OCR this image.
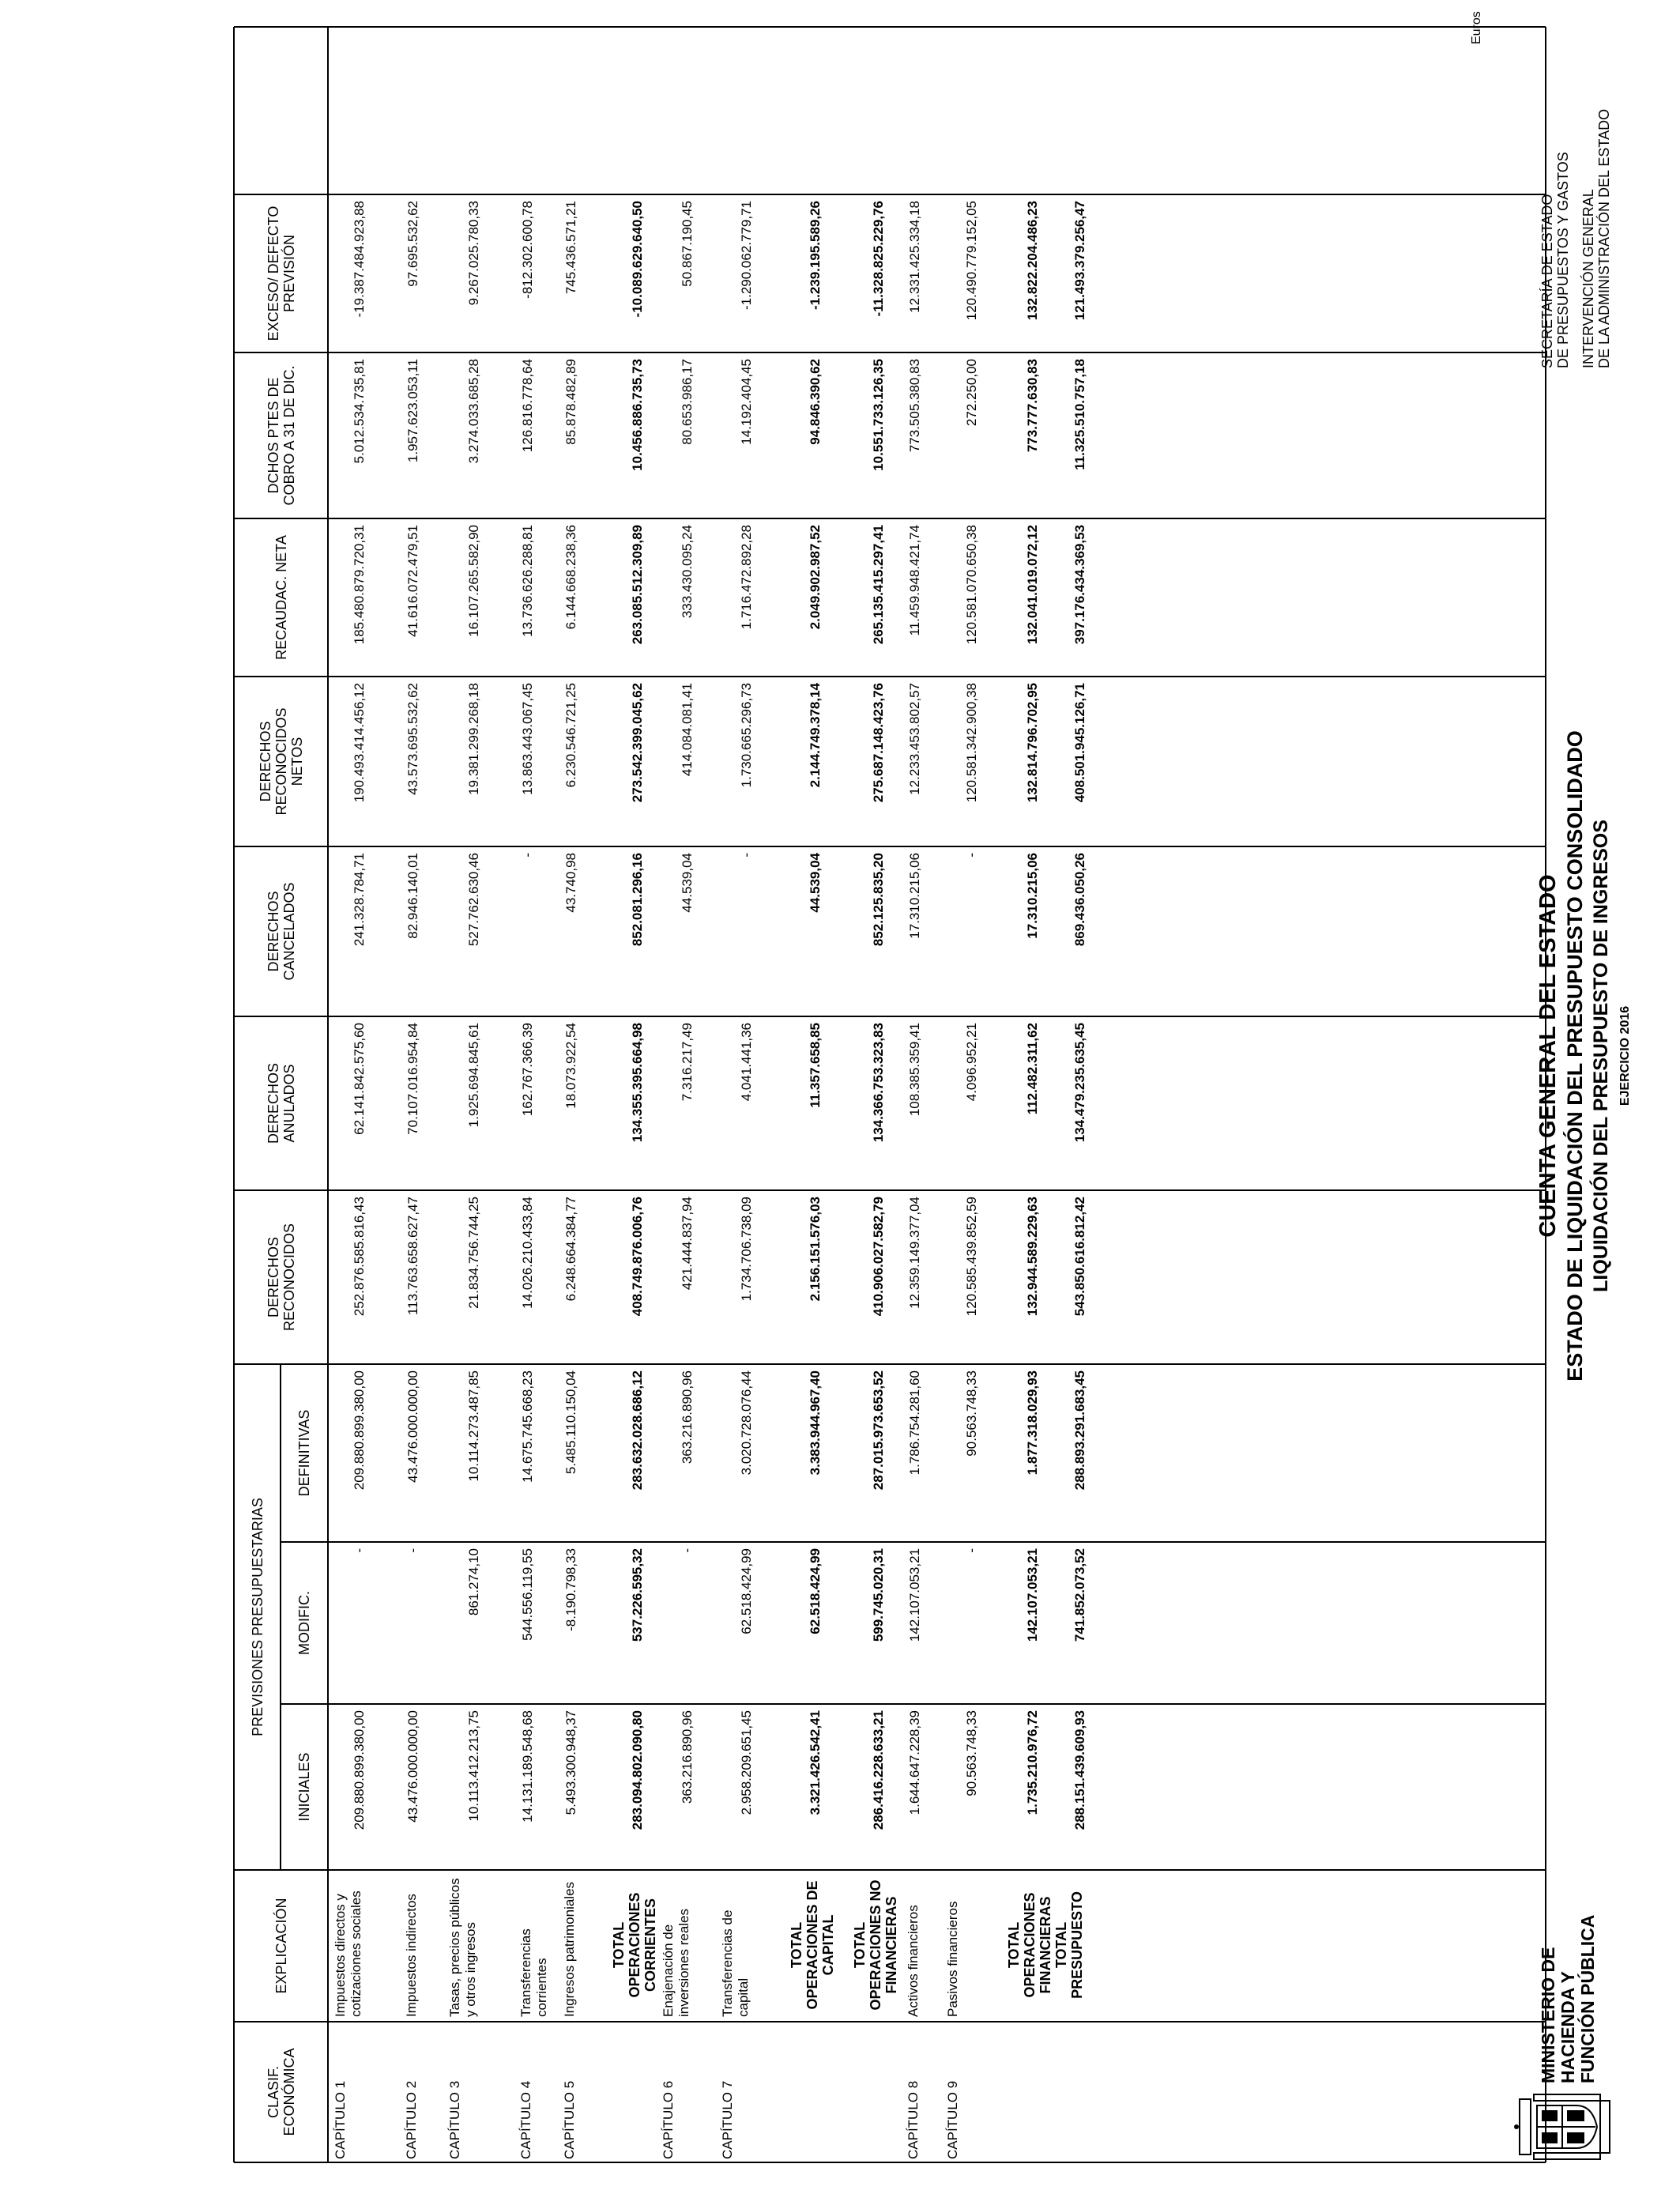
MINISTERIO DE HACIENDA Y FUNCIÓN PÚBLICA
CUENTA GENERAL DEL ESTADO ESTADO DE LIQUIDACIÓN DEL PRESUPUESTO CONSOLIDADO LIQUIDACIÓN DEL PRESUPUESTO DE INGRESOS EJERCICIO 2016
SECRETARÍA DE ESTADO DE PRESUPUESTOS Y GASTOS INTERVENCIÓN GENERAL DE LA ADMINISTRACIÓN DEL ESTADO
Euros
CLASIF. ECONÓMICA
EXPLICACIÓN
PREVISIONES PRESUPUESTARIAS
INICIALES
MODIFIC.
DEFINITIVAS
DERECHOS RECONOCIDOS
DERECHOS ANULADOS
DERECHOS CANCELADOS
DERECHOS RECONOCIDOS NETOS
RECAUDAC. NETA
DCHOS PTES DE COBRO A 31 DE DIC.
EXCESO/ DEFECTO PREVISIÓN
CAPÍTULO 1
Impuestos directos y cotizaciones sociales
209.880.899.380,00
-
209.880.899.380,00
252.876.585.816,43
62.141.842.575,60
241.328.784,71
190.493.414.456,12
185.480.879.720,31
5.012.534.735,81
-19.387.484.923,88
CAPÍTULO 2
Impuestos indirectos
43.476.000.000,00
-
43.476.000.000,00
113.763.658.627,47
70.107.016.954,84
82.946.140,01
43.573.695.532,62
41.616.072.479,51
1.957.623.053,11
97.695.532,62
CAPÍTULO 3
Tasas, precios públicos y otros ingresos
10.113.412.213,75
861.274,10
10.114.273.487,85
21.834.756.744,25
1.925.694.845,61
527.762.630,46
19.381.299.268,18
16.107.265.582,90
3.274.033.685,28
9.267.025.780,33
CAPÍTULO 4
Transferencias corrientes
14.131.189.548,68
544.556.119,55
14.675.745.668,23
14.026.210.433,84
162.767.366,39
-
13.863.443.067,45
13.736.626.288,81
126.816.778,64
-812.302.600,78
CAPÍTULO 5
Ingresos patrimoniales
5.493.300.948,37
-8.190.798,33
5.485.110.150,04
6.248.664.384,77
18.073.922,54
43.740,98
6.230.546.721,25
6.144.668.238,36
85.878.482,89
745.436.571,21
TOTAL OPERACIONES CORRIENTES
283.094.802.090,80
537.226.595,32
283.632.028.686,12
408.749.876.006,76
134.355.395.664,98
852.081.296,16
273.542.399.045,62
263.085.512.309,89
10.456.886.735,73
-10.089.629.640,50
CAPÍTULO 6
Enajenación de inversiones reales
363.216.890,96
-
363.216.890,96
421.444.837,94
7.316.217,49
44.539,04
414.084.081,41
333.430.095,24
80.653.986,17
50.867.190,45
CAPÍTULO 7
Transferencias de capital
2.958.209.651,45
62.518.424,99
3.020.728.076,44
1.734.706.738,09
4.041.441,36
-
1.730.665.296,73
1.716.472.892,28
14.192.404,45
-1.290.062.779,71
TOTAL OPERACIONES DE CAPITAL
3.321.426.542,41
62.518.424,99
3.383.944.967,40
2.156.151.576,03
11.357.658,85
44.539,04
2.144.749.378,14
2.049.902.987,52
94.846.390,62
-1.239.195.589,26
TOTAL OPERACIONES NO FINANCIERAS
286.416.228.633,21
599.745.020,31
287.015.973.653,52
410.906.027.582,79
134.366.753.323,83
852.125.835,20
275.687.148.423,76
265.135.415.297,41
10.551.733.126,35
-11.328.825.229,76
CAPÍTULO 8
Activos financieros
1.644.647.228,39
142.107.053,21
1.786.754.281,60
12.359.149.377,04
108.385.359,41
17.310.215,06
12.233.453.802,57
11.459.948.421,74
773.505.380,83
12.331.425.334,18
CAPÍTULO 9
Pasivos financieros
90.563.748,33
-
90.563.748,33
120.585.439.852,59
4.096.952,21
-
120.581.342.900,38
120.581.070.650,38
272.250,00
120.490.779.152,05
TOTAL OPERACIONES FINANCIERAS
1.735.210.976,72
142.107.053,21
1.877.318.029,93
132.944.589.229,63
112.482.311,62
17.310.215,06
132.814.796.702,95
132.041.019.072,12
773.777.630,83
132.822.204.486,23
TOTAL PRESUPUESTO
288.151.439.609,93
741.852.073,52
288.893.291.683,45
543.850.616.812,42
134.479.235.635,45
869.436.050,26
408.501.945.126,71
397.176.434.369,53
11.325.510.757,18
121.493.379.256,47
